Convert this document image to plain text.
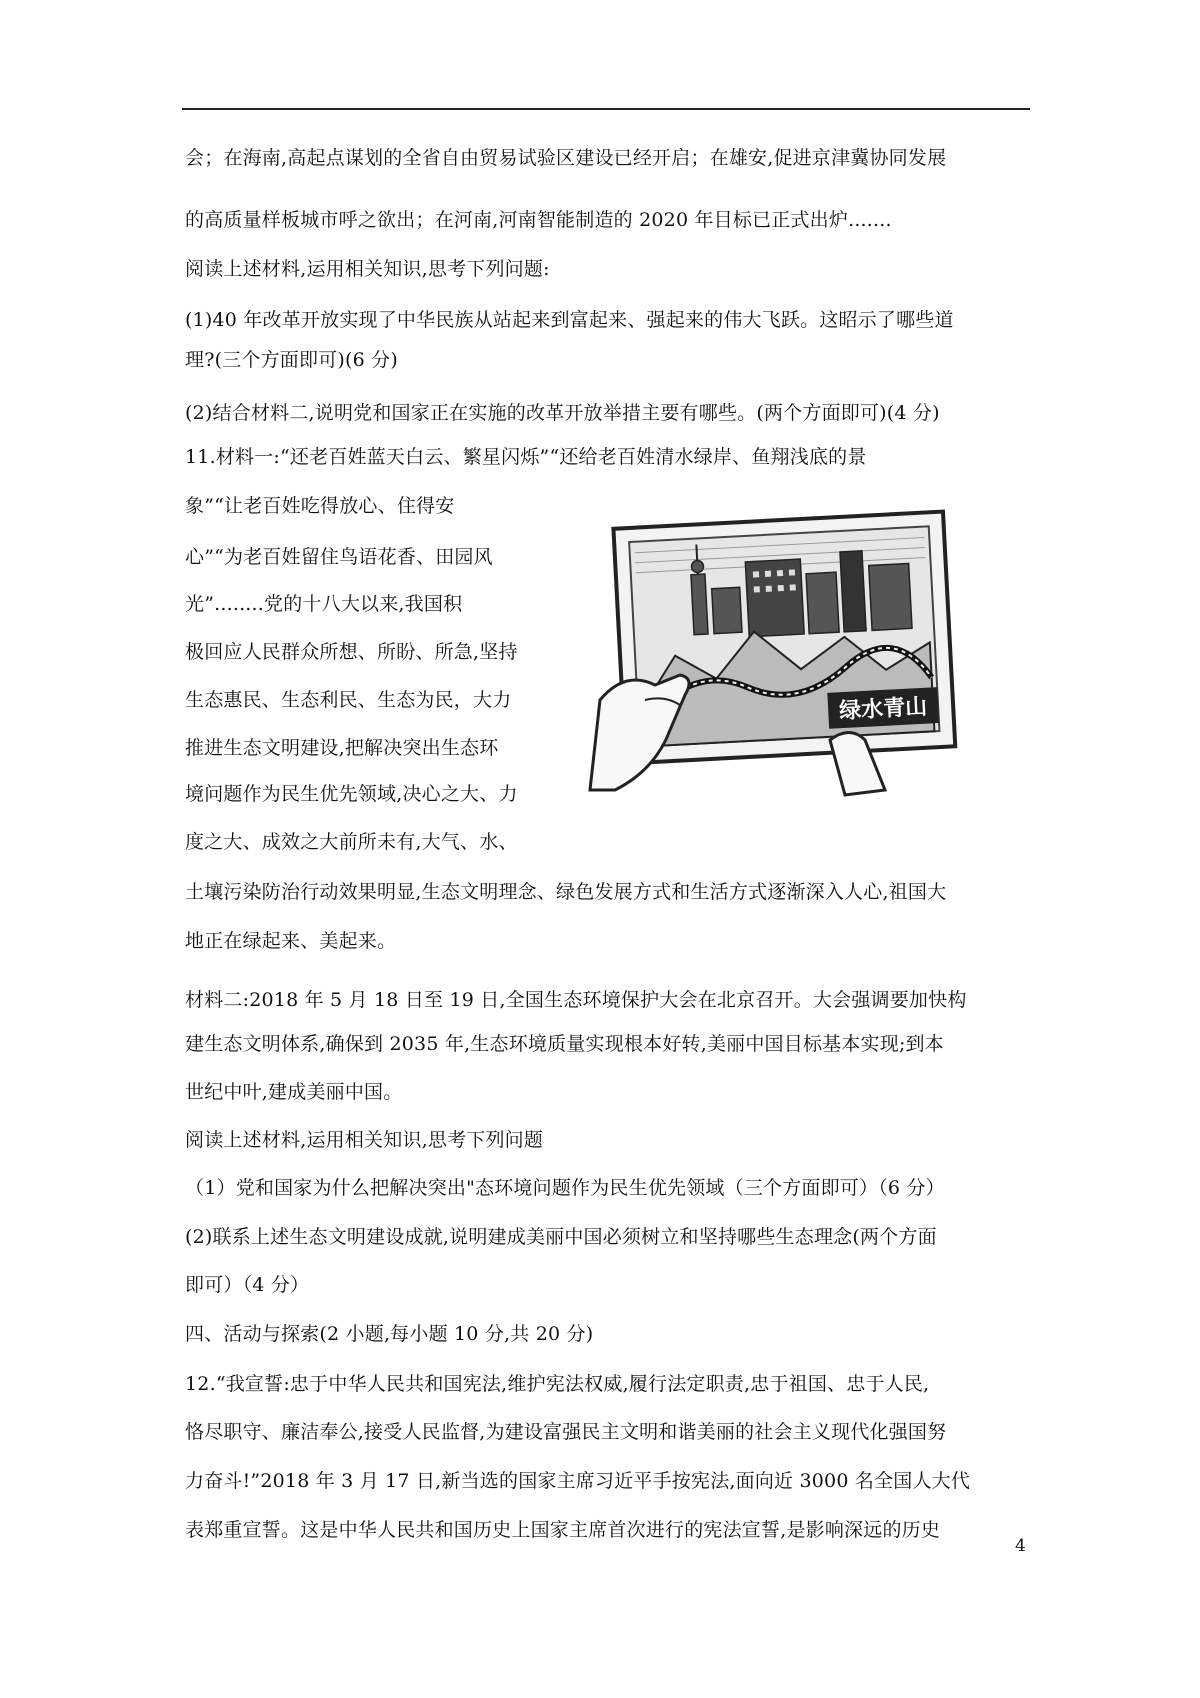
会；在海南,高起点谋划的全省自由贸易试验区建设已经开启；在雄安,促进京津冀协同发展
的高质量样板城市呼之欲出；在河南,河南智能制造的 2020 年目标已正式出炉.......
阅读上述材料,运用相关知识,思考下列问题:
(1)40 年改革开放实现了中华民族从站起来到富起来、强起来的伟大飞跃。这昭示了哪些道
理?(三个方面即可)(6 分)
(2)结合材料二,说明党和国家正在实施的改革开放举措主要有哪些。(两个方面即可)(4 分)
11.材料一:“还老百姓蓝天白云、繁星闪烁”“还给老百姓清水绿岸、鱼翔浅底的景
象”“让老百姓吃得放心、住得安
心”“为老百姓留住鸟语花香、田园风
光”........党的十八大以来,我国积
极回应人民群众所想、所盼、所急,坚持
生态惠民、生态利民、生态为民，大力
推进生态文明建设,把解决突出生态环
境问题作为民生优先领域,决心之大、力
度之大、成效之大前所未有,大气、水、
土壤污染防治行动效果明显,生态文明理念、绿色发展方式和生活方式逐渐深入人心,祖国大
地正在绿起来、美起来。
材料二:2018 年 5 月 18 日至 19 日,全国生态环境保护大会在北京召开。大会强调要加快构
建生态文明体系,确保到 2035 年,生态环境质量实现根本好转,美丽中国目标基本实现;到本
世纪中叶,建成美丽中国。
阅读上述材料,运用相关知识,思考下列问题
（1）党和国家为什么把解决突出"态环境问题作为民生优先领域（三个方面即可）（6 分）
(2)联系上述生态文明建设成就,说明建成美丽中国必须树立和坚持哪些生态理念(两个方面
即可）（4 分）
四、活动与探索(2 小题,每小题 10 分,共 20 分)
12.“我宣誓:忠于中华人民共和国宪法,维护宪法权威,履行法定职责,忠于祖国、忠于人民,
恪尽职守、廉洁奉公,接受人民监督,为建设富强民主文明和谐美丽的社会主义现代化强国努
力奋斗!”2018 年 3 月 17 日,新当选的国家主席习近平手按宪法,面向近 3000 名全国人大代
表郑重宣誓。这是中华人民共和国历史上国家主席首次进行的宪法宣誓,是影响深远的历史
绿水青山
4
